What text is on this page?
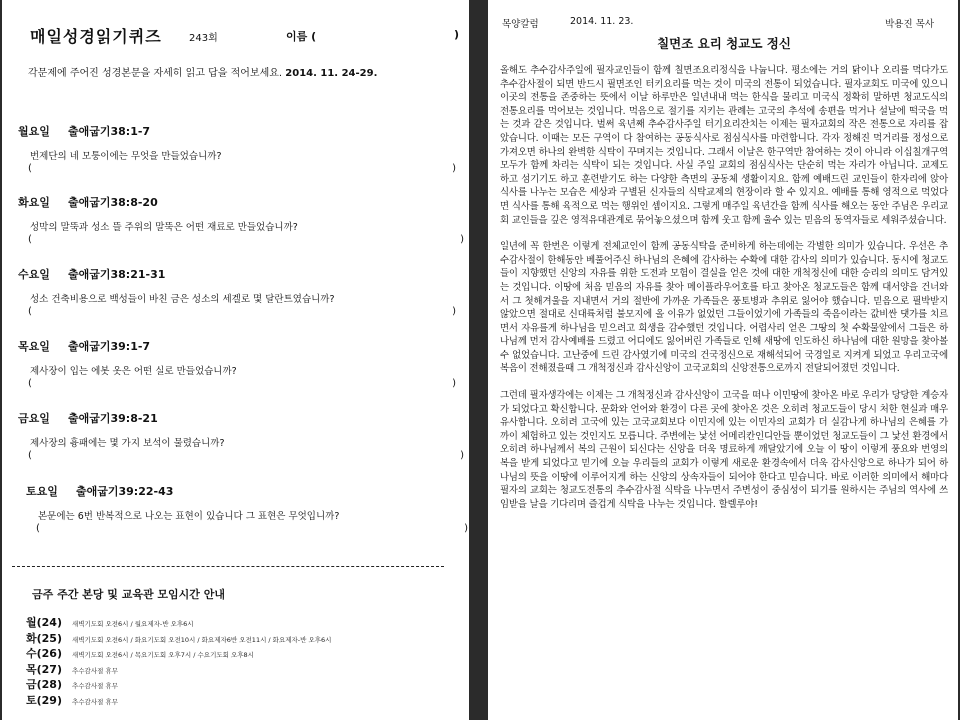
매일성경읽기퀴즈	243회	이름 (	)
각문제에 주어진 성경본문을 자세히 읽고 답을 적어보세요. 2014. 11. 24-29.
월요일	출애굽기38:1-7
번제단의 네 모퉁이에는 무엇을 만들었습니까?
(	)
화요일	출애굽기38:8-20
성막의 말뚝과 성소 뜰 주위의 말뚝은 어떤 재료로 만들었습니까?
(	)
수요일	출애굽기38:21-31
성소 건축비용으로 백성들이 바친 금은 성소의 세겔로 몇 달란트였습니까?
(	)
목요일	출애굽기39:1-7
제사장이 입는 에봇 옷은 어떤 실로 만들었습니까?
(	)
금요일	출애굽기39:8-21
제사장의 흉패에는 몇 가지 보석이 물렸습니까?
(	)
토요일	출애굽기39:22-43
본문에는 6번 반복적으로 나오는 표현이 있습니다 그 표현은 무엇입니까?
(	)
금주 주간 본당 및 교육관 모임시간 안내
월(24)	새벽기도회 오전6시 / 월요제자-반 오후6시
화(25)	새벽기도회 오전6시 / 화요기도회 오전10시 / 화요제자6반 오전11시 / 화요제자-반 오후6시
수(26)	새벽기도회 오전6시 / 목요기도회 오후7시 / 수요기도회 오후8시
목(27)	추수감사절 휴무
금(28)	추수감사절 휴무
토(29)	추수감사절 휴무
목양칼럼	2014. 11. 23.	박용진 목사
칠면조 요리 청교도 정신

올해도 추수감사주일에 필자교인들이 함께 칠면조요리정식을 나눕니다. 평소에는 거의 닭이나 오리를 먹다가도 추수감사절이 되면 반드시 필면조인 터키요리를 먹는 것이 미국의 전통이 되었습니다. 필자교회도 미국에 있으니 이곳의 전통을 존중하는 뜻에서 이날 하루만은 일년내내 먹는 한식을 물리고 미국식 정확히 말하면 청교도식의 전통요리를 먹어보는 것입니다. 먹음으로 절기를 지키는 관례는 고국의 추석에 송편을 먹거나 설날에 떡국을 먹는 것과 같은 것입니다. 벌써 육년째 추수감사주일 터기요리잔치는 이제는 필자교회의 작은 전통으로 자리를 잡았습니다. 이때는 모든 구역이 다 참여하는 공동식사로 점심식사를 마련합니다. 각자 정해진 먹거리를 정성으로 가져오면 하나의 완벽한 식탁이 꾸며지는 것입니다. 그래서 이날은 한구역만 참여하는 것이 아니라 이십칠개구역 모두가 함께 차리는 식탁이 되는 것입니다. 사실 주일 교회의 점심식사는 단순히 먹는 자리가 아닙니다. 교제도 하고 섬기기도 하고 훈련받기도 하는 다양한 측면의 공동체 생활이지요. 함께 예배드린 교인들이 한자리에 앉아 식사를 나누는 모습은 세상과 구별된 신자들의 식탁교제의 현장이라 할 수 있지요. 예배를 통해 영적으로 먹었다면 식사를 통해 육적으로 먹는 행위인 셈이지요. 그렇게 매주일 육년간을 함께 식사를 해오는 동안 주님은 우리교회 교인들을 깊은 영적유대관계로 묶어놓으셨으며 함께 웃고 함께 울수 있는 믿음의 동역자들로 세워주셨습니다.

일년에 꼭 한번은 이렇게 전체교인이 함께 공동식탁을 준비하게 하는데에는 각별한 의미가 있습니다. 우선은 추수감사절이 한해동안 베풀어주신 하나님의 은혜에 감사하는 수확에 대한 감사의 의미가 있습니다. 동시에 청교도들이 지향했던 신앙의 자유를 위한 도전과 모험이 결실을 얻은 것에 대한 개척정신에 대한 승리의 의미도 담겨있는 것입니다. 이땅에 처음 믿음의 자유를 찾아 메이플라우어호를 타고 찾아온 청교도들은 함께 대서양을 건너와서 그 첫해겨울을 지내면서 거의 절반에 가까운 가족들은 풍토병과 추위로 잃어야 했습니다. 믿음으로 필박받지 않았으면 절대로 신대륙처럼 불모지에 올 이유가 없었던 그들이었기에 가족들의 죽음이라는 값비싼 댓가를 치르면서 자유를게 하나님을 믿으려고 희생을 감수했던 것입니다. 어렵사리 얻은 그땅의 첫 수확물앞에서 그들은 하나님께 먼저 감사예배를 드렸고 어디에도 잃어버린 가족들로 인해 새땅에 인도하신 하나님에 대한 원망을 찾아볼 수 없었습니다. 고난중에 드린 감사였기에 미국의 건국정신으로 재해석되어 국경일로 지켜게 되었고 우리고국에 복음이 전해졌을때 그 개척정신과 감사신앙이 고국교회의 신앙전통으로까지 전달되어졌던 것입니다.

그런데 필자생각에는 이제는 그 개척정신과 감사신앙이 고국을 떠나 이민땅에 찾아온 바로 우리가 당당한 계승자가 되었다고 확신합니다. 문화와 언어와 환경이 다른 곳에 찾아온 것은 오히려 청교도들이 당시 처한 현실과 매우 유사합니다. 오히려 고국에 있는 고국교회보다 이민지에 있는 이민자의 교회가 더 실감나게 하나님의 은혜를 가까이 체험하고 있는 것인지도 모릅니다. 주변에는 낯선 어메리칸인디안들 뿐이었던 청교도들이 그 낯선 환경에서 오히려 하나님께서 복의 근원이 되신다는 신앙을 더욱 명료하게 깨달았기에 오늘 이 땅이 이렇게 풍요와 번영의 복을 받게 되었다고 믿기에 오늘 우리들의 교회가 이렇게 새로운 환경속에서 더욱 감사신앙으로 하나가 되어 하나님의 뜻을 이땅에 이루어지게 하는 신앙의 상속자들이 되어야 한다고 믿습니다. 바로 이러한 의미에서 해마다 필자의 교회는 청교도전통의 추수감사절 식탁을 나누면서 주변성이 중심성이 되기를 원하시는 주님의 역사에 쓰임받을 날을 기다리며 즐겁게 식탁을 나누는 것입니다. 할렐루야!
